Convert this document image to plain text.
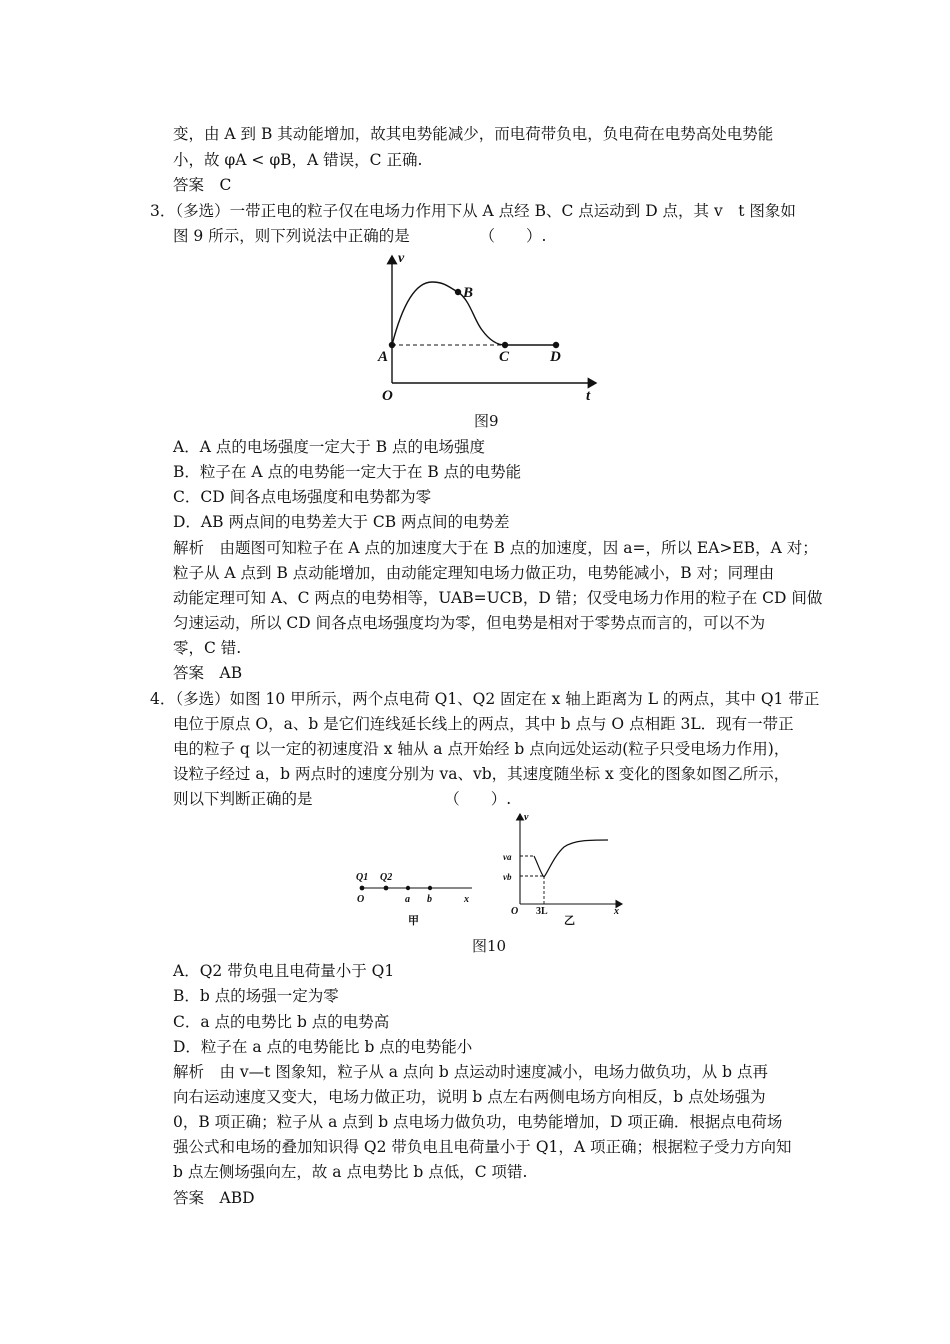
变，由 A 到 B 其动能增加，故其电势能减少，而电荷带负电，负电荷在电势高处电势能
小，故 φA < φB，A 错误，C 正确.
答案　C
3．（多选）一带正电的粒子仅在电场力作用下从 A 点经 B、C 点运动到 D 点，其 v　t 图象如
图 9 所示，则下列说法中正确的是　　　　　（　　）.
v
t
O
A
B
C	D
图9
A．A 点的电场强度一定大于 B 点的电场强度
B．粒子在 A 点的电势能一定大于在 B 点的电势能
C．CD 间各点电场强度和电势都为零
D．AB 两点间的电势差大于 CB 两点间的电势差
解析　由题图可知粒子在 A 点的加速度大于在 B 点的加速度，因 a=，所以 EA>EB，A 对；
粒子从 A 点到 B 点动能增加，由动能定理知电场力做正功，电势能减小，B 对；同理由
动能定理可知 A、C 两点的电势相等，UAB=UCB，D 错；仅受电场力作用的粒子在 CD 间做
匀速运动，所以 CD 间各点电场强度均为零，但电势是相对于零势点而言的，可以不为
零，C 错.
答案　AB
4．（多选）如图 10 甲所示，两个点电荷 Q1、Q2 固定在 x 轴上距离为 L 的两点，其中 Q1 带正
电位于原点 O，a、b 是它们连线延长线上的两点，其中 b 点与 O 点相距 3L．现有一带正
电的粒子 q 以一定的初速度沿 x 轴从 a 点开始经 b 点向远处运动(粒子只受电场力作用)，
设粒子经过 a，b 两点时的速度分别为 va、vb，其速度随坐标 x 变化的图象如图乙所示，
则以下判断正确的是　　　　　　　　　（　　）.
Q1 Q2
O	a b	x
甲
v
va
vb
O 3L	x
乙
图10
A．Q2 带负电且电荷量小于 Q1
B．b 点的场强一定为零
C．a 点的电势比 b 点的电势高
D．粒子在 a 点的电势能比 b 点的电势能小
解析　由 v—t 图象知，粒子从 a 点向 b 点运动时速度减小，电场力做负功，从 b 点再
向右运动速度又变大，电场力做正功，说明 b 点左右两侧电场方向相反，b 点处场强为
0，B 项正确；粒子从 a 点到 b 点电场力做负功，电势能增加，D 项正确．根据点电荷场
强公式和电场的叠加知识得 Q2 带负电且电荷量小于 Q1，A 项正确；根据粒子受力方向知
b 点左侧场强向左，故 a 点电势比 b 点低，C 项错.
答案　ABD
